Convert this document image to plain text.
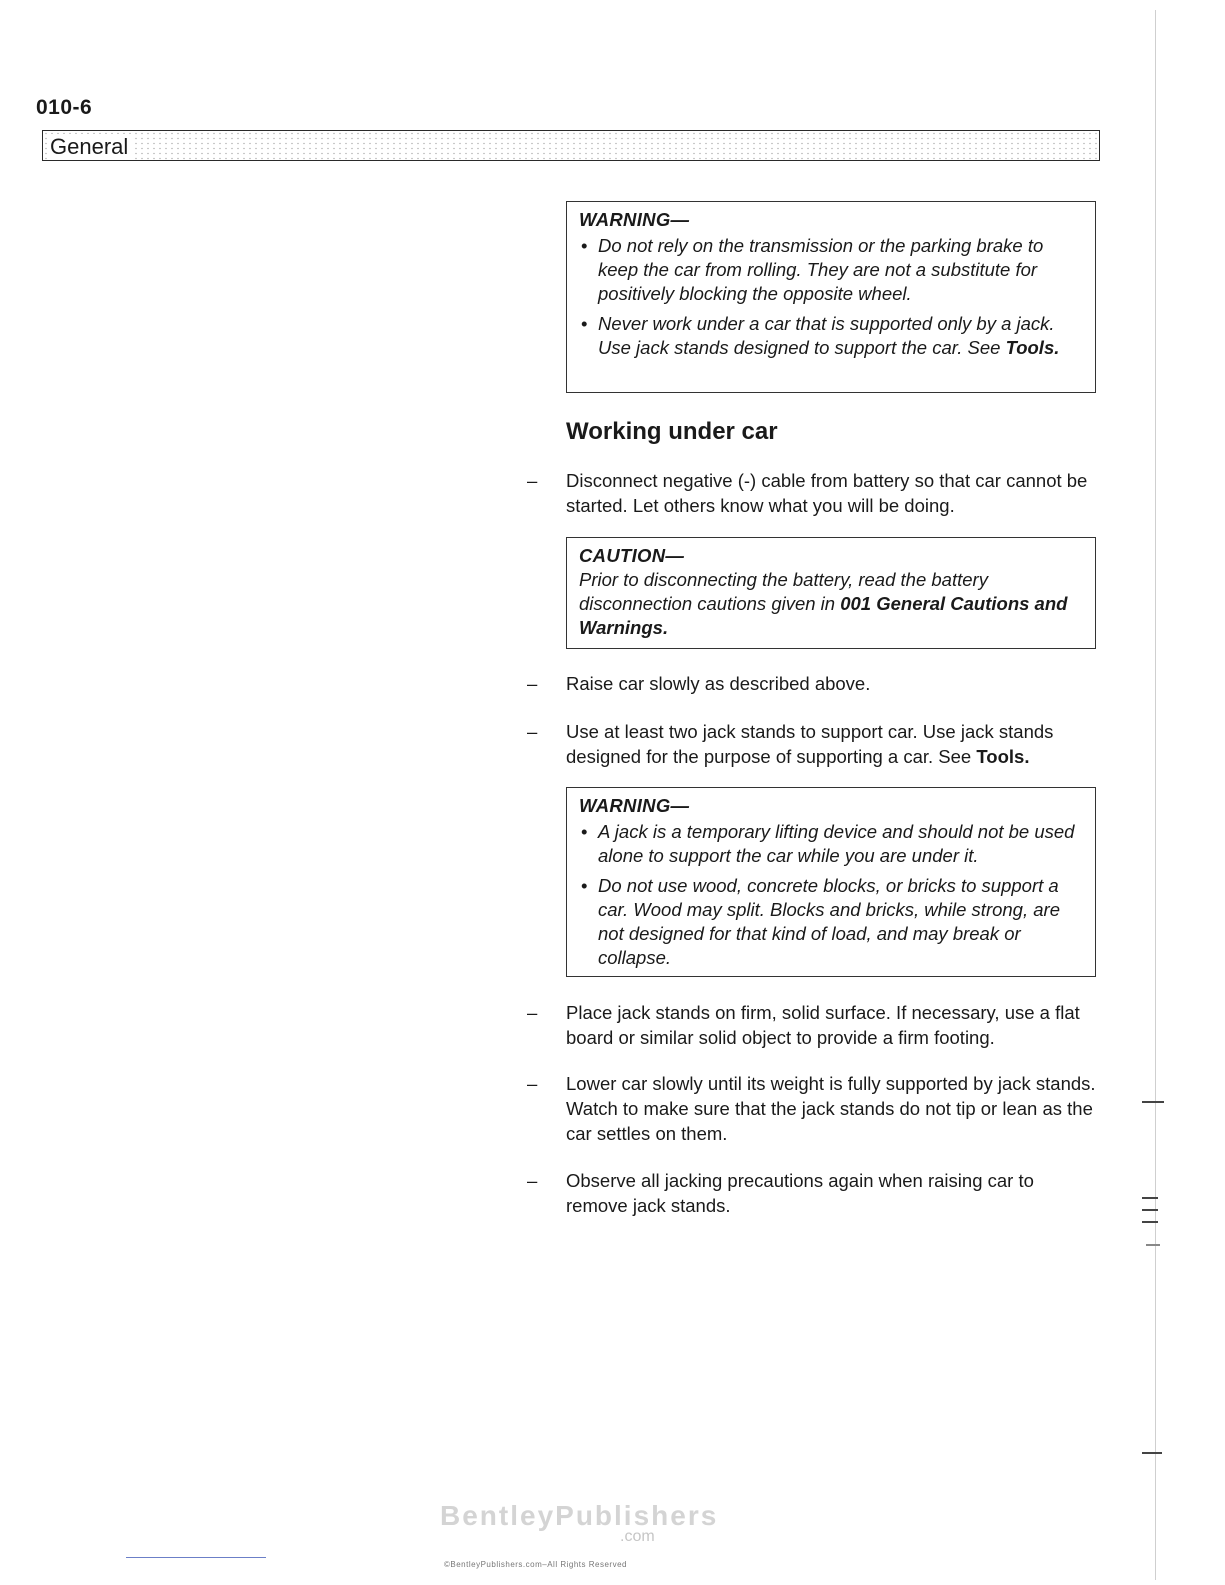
010-6
General
WARNING—
• Do not rely on the transmission or the parking brake to keep the car from rolling. They are not a substitute for positively blocking the opposite wheel.
• Never work under a car that is supported only by a jack. Use jack stands designed to support the car. See Tools.
Working under car
–	Disconnect negative (-) cable from battery so that car cannot be started. Let others know what you will be doing.
CAUTION—
Prior to disconnecting the battery, read the battery disconnection cautions given in 001 General Cautions and Warnings.
–	Raise car slowly as described above.
–	Use at least two jack stands to support car. Use jack stands designed for the purpose of supporting a car. See Tools.
WARNING—
• A jack is a temporary lifting device and should not be used alone to support the car while you are under it.
• Do not use wood, concrete blocks, or bricks to support a car. Wood may split. Blocks and bricks, while strong, are not designed for that kind of load, and may break or collapse.
–	Place jack stands on firm, solid surface. If necessary, use a flat board or similar solid object to provide a firm footing.
–	Lower car slowly until its weight is fully supported by jack stands. Watch to make sure that the jack stands do not tip or lean as the car settles on them.
–	Observe all jacking precautions again when raising car to remove jack stands.
BentleyPublishers
.com
©BentleyPublishers.com–All Rights Reserved
